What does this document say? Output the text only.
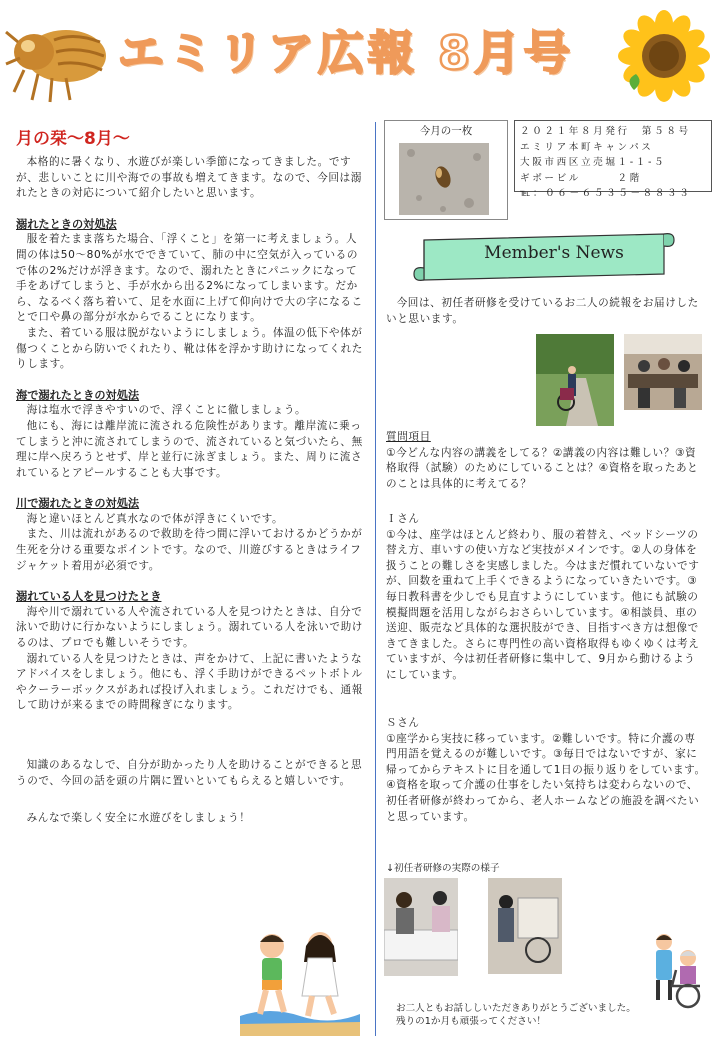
エミリア広報 8月号
月の栞～8月～
本格的に暑くなり、水遊びが楽しい季節になってきました。ですが、悲しいことに川や海での事故も増えてきます。なので、今回は溺れたときの対応について紹介したいと思います。
溺れたときの対処法
服を着たまま落ちた場合、「浮くこと」を第一に考えましょう。人間の体は50～80%が水でできていて、肺の中に空気が入っているので体の2%だけが浮きます。なので、溺れたときにパニックになって手をあげてしまうと、手が水から出る2%になってしまいます。だから、なるべく落ち着いて、足を水面に上げて仰向けで大の字になることで口や鼻の部分が水からでることになります。
また、着ている服は脱がないようにしましょう。体温の低下や体が傷つくことから防いでくれたり、靴は体を浮かす助けになってくれたりします。
海で溺れたときの対処法
海は塩水で浮きやすいので、浮くことに徹しましょう。
他にも、海には離岸流に流される危険性があります。離岸流に乗ってしまうと沖に流されてしまうので、流されていると気づいたら、無理に岸へ戻ろうとせず、岸と並行に泳ぎましょう。また、周りに流されているとアピールすることも大事です。
川で溺れたときの対処法
海と違いほとんど真水なので体が浮きにくいです。
また、川は流れがあるので救助を待つ間に浮いておけるかどうかが生死を分ける重要なポイントです。なので、川遊びするときはライフジャケット着用が必須です。
溺れている人を見つけたとき
海や川で溺れている人や流されている人を見つけたときは、自分で泳いで助けに行かないようにしましょう。溺れている人を泳いで助けるのは、プロでも難しいそうです。
溺れている人を見つけたときは、声をかけて、上記に書いたようなアドバイスをしましょう。他にも、浮く手助けができるペットボトルやクーラーボックスがあれば投げ入れましょう。これだけでも、通報して助けが来るまでの時間稼ぎになります。
知識のあるなしで、自分が助かったり人を助けることができると思うので、今回の話を頭の片隅に置いといてもらえると嬉しいです。
みんなで楽しく安全に水遊びをしましょう！
今月の一枚	２０２１年８月発行　第５８号
エミリア本町キャンパス
大阪市西区立売堀１-１-５
ギボービル　　　２階
℡：０６－６５３５－８８３３
Member's News
今回は、初任者研修を受けているお二人の続報をお届けしたいと思います。
質問項目
①今どんな内容の講義をしてる？②講義の内容は難しい？③資格取得（試験）のためにしていることは？④資格を取ったあとのことは具体的に考えてる？
Ｉさん
①今は、座学はほとんど終わり、服の着替え、ベッドシーツの替え方、車いすの使い方など実技がメインです。②人の身体を扱うことの難しさを実感しました。今はまだ慣れていないですが、回数を重ねて上手くできるようになっていきたいです。③毎日教科書を少しでも見直すようにしています。他にも試験の模擬問題を活用しながらおさらいしています。④相談員、車の送迎、販売など具体的な選択肢ができ、目指すべき方は想像できてきました。さらに専門性の高い資格取得もゆくゆくは考えていますが、今は初任者研修に集中して、9月から動けるようにしています。
Ｓさん
①座学から実技に移っています。②難しいです。特に介護の専門用語を覚えるのが難しいです。③毎日ではないですが、家に帰ってからテキストに目を通して1日の振り返りをしています。④資格を取って介護の仕事をしたい気持ちは変わらないので、初任者研修が終わってから、老人ホームなどの施設を調べたいと思っています。
↓初任者研修の実際の様子
お二人ともお話ししいただきありがとうございました。
残りの1か月も頑張ってください！
